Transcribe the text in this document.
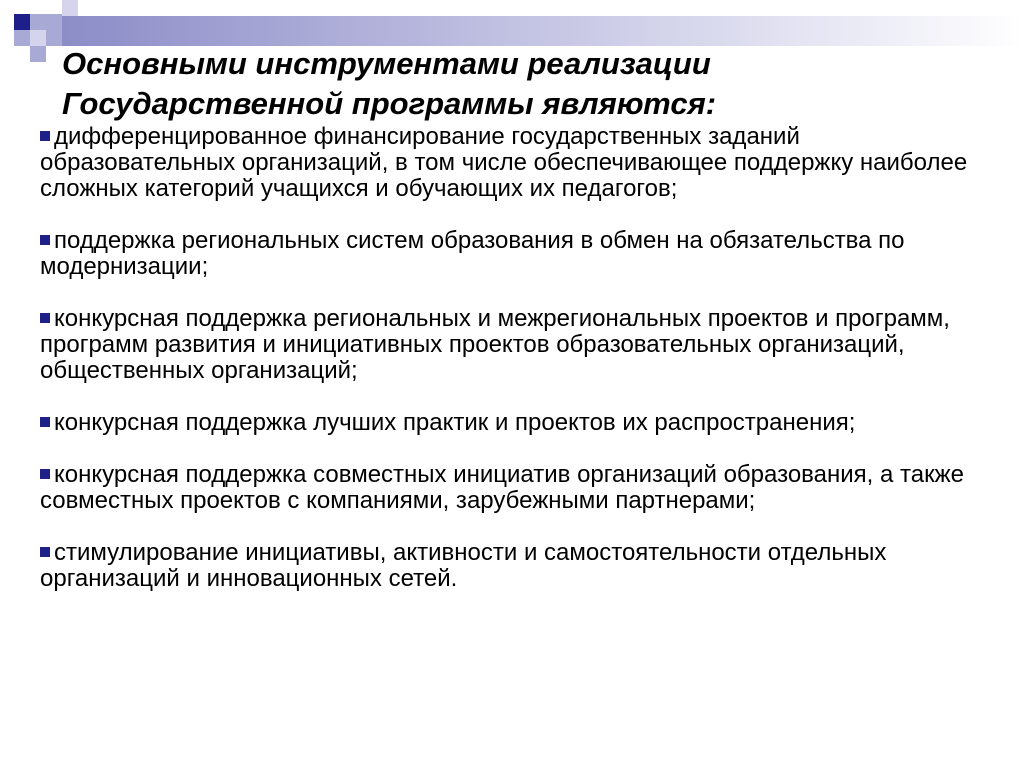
Основными инструментами реализации
Государственной программы являются:
дифференцированное финансирование государственных заданий образовательных организаций, в том числе обеспечивающее поддержку наиболее сложных категорий учащихся и обучающих их педагогов;
поддержка региональных систем образования в обмен на обязательства по модернизации;
конкурсная поддержка региональных и межрегиональных проектов и программ, программ развития и инициативных проектов образовательных организаций, общественных организаций;
конкурсная поддержка лучших практик и проектов их распространения;
конкурсная поддержка совместных инициатив организаций образования, а также совместных проектов с компаниями, зарубежными партнерами;
стимулирование инициативы, активности и самостоятельности отдельных организаций и инновационных сетей.
